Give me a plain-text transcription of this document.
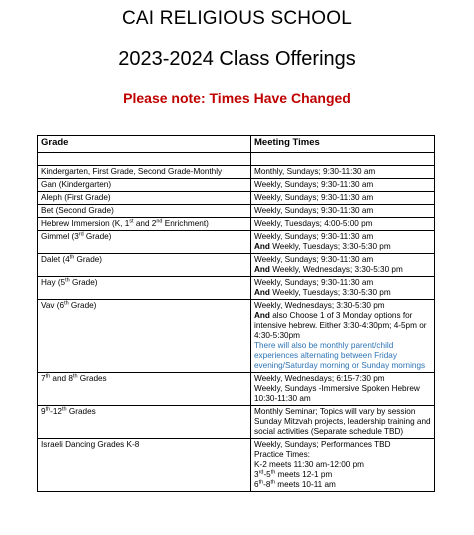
CAI RELIGIOUS SCHOOL
2023-2024 Class Offerings
Please note: Times Have Changed
Grade	Meeting Times

Kindergarten, First Grade, Second Grade-Monthly	Monthly, Sundays; 9:30-11:30 am
Gan (Kindergarten)	Weekly, Sundays; 9:30-11:30 am
Aleph (First Grade)	Weekly, Sundays; 9:30-11:30 am
Bet (Second Grade)	Weekly, Sundays; 9:30-11:30 am
Hebrew Immersion (K, 1st and 2nd Enrichment)	Weekly, Tuesdays; 4:00-5:00 pm
Gimmel (3rd Grade)	Weekly, Sundays; 9:30-11:30 am
And Weekly, Tuesdays; 3:30-5:30 pm

Dalet (4th Grade)	Weekly, Sundays; 9:30-11:30 am
And Weekly, Wednesdays; 3:30-5:30 pm

Hay (5th Grade)	Weekly, Sundays; 9:30-11:30 am
And Weekly, Tuesdays; 3:30-5:30 pm

Vav (6th Grade)	Weekly, Wednesdays; 3:30-5:30 pm
And also Choose 1 of 3 Monday options for intensive hebrew. Either 3:30-4:30pm; 4-5pm or 4:30-5:30pm
There will also be monthly parent/child experiences alternating between Friday evening/Saturday morning or Sunday mornings

7th and 8th Grades	Weekly, Wednesdays; 6:15-7:30 pm
Weekly, Sundays -Immersive Spoken Hebrew 10:30-11:30 am

9th-12th Grades	Monthly Seminar; Topics will vary by session Sunday Mitzvah projects, leadership training and social activities (Separate schedule TBD)
Israeli Dancing Grades K-8	Weekly, Sundays; Performances TBD
Practice Times:
K-2 meets 11:30 am-12:00 pm
3rd-5th meets 12-1 pm
6th-8th meets 10-11 am
